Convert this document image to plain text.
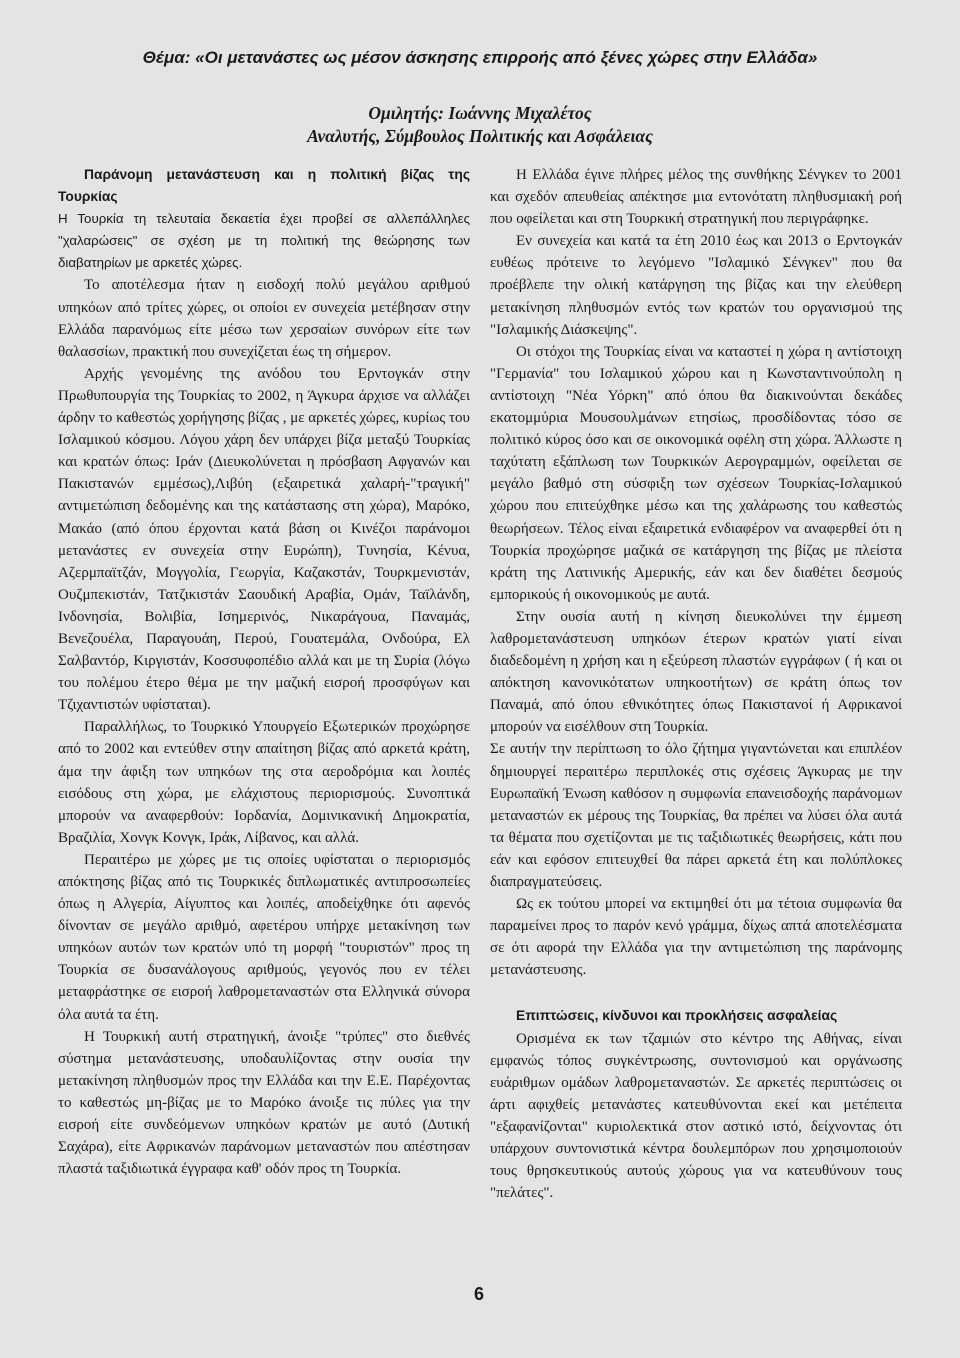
Θέμα: «Οι μετανάστες ως μέσον άσκησης επιρροής από ξένες χώρες στην Ελλάδα»
Ομιλητής: Ιωάννης Μιχαλέτος
Αναλυτής, Σύμβουλος Πολιτικής και Ασφάλειας

Παράνομη μετανάστευση και η πολιτική βίζας της Τουρκίας

Η Τουρκία τη τελευταία δεκαετία έχει προβεί σε αλλεπάλληλες "χαλαρώσεις" σε σχέση με τη πολιτική της θεώρησης των διαβατηρίων με αρκετές χώρες.

Το αποτέλεσμα ήταν η εισδοχή πολύ μεγάλου αριθμού υπηκόων από τρίτες χώρες, οι οποίοι εν συνεχεία μετέβησαν στην Ελλάδα παρανόμως είτε μέσω των χερσαίων συνόρων είτε των θαλασσίων, πρακτική που συνεχίζεται έως τη σήμερον.

Αρχής γενομένης της ανόδου του Ερντογκάν στην Πρωθυπουργία της Τουρκίας το 2002, η Άγκυρα άρχισε να αλλάζει άρδην το καθεστώς χορήγησης βίζας , με αρκετές χώρες, κυρίως του Ισλαμικού κόσμου. Λόγου χάρη δεν υπάρχει βίζα μεταξύ Τουρκίας και κρατών όπως: Ιράν (Διευκολύνεται η πρόσβαση Αφγανών και Πακιστανών εμμέσως),Λιβύη (εξαιρετικά χαλαρή-"τραγική" αντιμετώπιση δεδομένης και της κατάστασης στη χώρα), Μαρόκο, Μακάο (από όπου έρχονται κατά βάση οι Κινέζοι παράνομοι μετανάστες εν συνεχεία στην Ευρώπη), Τυνησία, Κένυα, Αζερμπαϊτζάν, Μογγολία, Γεωργία, Καζακστάν, Τουρκμενιστάν, Ουζμπεκιστάν, Τατζικιστάν Σαουδική Αραβία, Ομάν, Ταϊλάνδη, Ινδονησία, Βολιβία, Ισημερινός, Νικαράγουα, Παναμάς, Βενεζουέλα, Παραγουάη, Περού, Γουατεμάλα, Ονδούρα, Ελ Σαλβαντόρ, Κιργιστάν, Κοσσυφοπέδιο αλλά και με τη Συρία (λόγω του πολέμου έτερο θέμα με την μαζική εισροή προσφύγων και Τζιχαντιστών υφίσταται).

Παραλλήλως, το Τουρκικό Υπουργείο Εξωτερικών προχώρησε από το 2002 και εντεύθεν στην απαίτηση βίζας από αρκετά κράτη, άμα την άφιξη των υπηκόων της στα αεροδρόμια και λοιπές εισόδους στη χώρα, με ελάχιστους περιορισμούς. Συνοπτικά μπορούν να αναφερθούν: Ιορδανία, Δομινικανική Δημοκρατία, Βραζιλία, Χονγκ Κονγκ, Ιράκ, Λίβανος, και αλλά.

Περαιτέρω με χώρες με τις οποίες υφίσταται ο περιορισμός απόκτησης βίζας από τις Τουρκικές διπλωματικές αντιπροσωπείες όπως η Αλγερία, Αίγυπτος και λοιπές, αποδείχθηκε ότι αφενός δίνονταν σε μεγάλο αριθμό, αφετέρου υπήρχε μετακίνηση των υπηκόων αυτών των κρατών υπό τη μορφή "τουριστών" προς τη Τουρκία σε δυσανάλογους αριθμούς, γεγονός που εν τέλει μεταφράστηκε σε εισροή λαθρομεταναστών στα Ελληνικά σύνορα όλα αυτά τα έτη.

Η Τουρκική αυτή στρατηγική, άνοιξε "τρύπες" στο διεθνές σύστημα μετανάστευσης, υποδαυλίζοντας στην ουσία την μετακίνηση πληθυσμών προς την Ελλάδα και την Ε.Ε. Παρέχοντας το καθεστώς μη-βίζας με το Μαρόκο άνοιξε τις πύλες για την εισροή είτε συνδεόμενων υπηκόων κρατών με αυτό (Δυτική Σαχάρα), είτε Αφρικανών παράνομων μεταναστών που απέστησαν πλαστά ταξιδιωτικά έγγραφα καθ' οδόν προς τη Τουρκία.

Η Ελλάδα έγινε πλήρες μέλος της συνθήκης Σένγκεν το 2001 και σχεδόν απευθείας απέκτησε μια εντονότατη πληθυσμιακή ροή που οφείλεται και στη Τουρκική στρατηγική που περιγράφηκε.

Εν συνεχεία και κατά τα έτη 2010 έως και 2013 ο Ερντογκάν ευθέως πρότεινε το λεγόμενο "Ισλαμικό Σένγκεν" που θα προέβλεπε την ολική κατάργηση της βίζας και την ελεύθερη μετακίνηση πληθυσμών εντός των κρατών του οργανισμού της "Ισλαμικής Διάσκεψης".

Οι στόχοι της Τουρκίας είναι να καταστεί η χώρα η αντίστοιχη "Γερμανία" του Ισλαμικού χώρου και η Κωνσταντινούπολη η αντίστοιχη "Νέα Υόρκη" από όπου θα διακινούνται δεκάδες εκατομμύρια Μουσουλμάνων ετησίως, προσδίδοντας τόσο σε πολιτικό κύρος όσο και σε οικονομικά οφέλη στη χώρα. Άλλωστε η ταχύτατη εξάπλωση των Τουρκικών Αερογραμμών, οφείλεται σε μεγάλο βαθμό στη σύσφιξη των σχέσεων Τουρκίας-Ισλαμικού χώρου που επιτεύχθηκε μέσω και της χαλάρωσης του καθεστώς θεωρήσεων. Τέλος είναι εξαιρετικά ενδιαφέρον να αναφερθεί ότι η Τουρκία προχώρησε μαζικά σε κατάργηση της βίζας με πλείστα κράτη της Λατινικής Αμερικής, εάν και δεν διαθέτει δεσμούς εμπορικούς ή οικονομικούς με αυτά.

Στην ουσία αυτή η κίνηση διευκολύνει την έμμεση λαθρομετανάστευση υπηκόων έτερων κρατών γιατί είναι διαδεδομένη η χρήση και η εξεύρεση πλαστών εγγράφων ( ή και οι απόκτηση κανονικότατων υπηκοοτήτων) σε κράτη όπως τον Παναμά, από όπου εθνικότητες όπως Πακιστανοί ή Αφρικανοί μπορούν να εισέλθουν στη Τουρκία.

Σε αυτήν την περίπτωση το όλο ζήτημα γιγαντώνεται και επιπλέον δημιουργεί περαιτέρω περιπλοκές στις σχέσεις Άγκυρας με την Ευρωπαϊκή Ένωση καθόσον η συμφωνία επανεισδοχής παράνομων μεταναστών εκ μέρους της Τουρκίας, θα πρέπει να λύσει όλα αυτά τα θέματα που σχετίζονται με τις ταξιδιωτικές θεωρήσεις, κάτι που εάν και εφόσον επιτευχθεί θα πάρει αρκετά έτη και πολύπλοκες διαπραγματεύσεις.

Ως εκ τούτου μπορεί να εκτιμηθεί ότι μα τέτοια συμφωνία θα παραμείνει προς το παρόν κενό γράμμα, δίχως απτά αποτελέσματα σε ότι αφορά την Ελλάδα για την αντιμετώπιση της παράνομης μετανάστευσης.

Επιπτώσεις, κίνδυνοι και προκλήσεις ασφαλείας

Ορισμένα εκ των τζαμιών στο κέντρο της Αθήνας, είναι εμφανώς τόπος συγκέντρωσης, συντονισμού και οργάνωσης ευάριθμων ομάδων λαθρομεταναστών. Σε αρκετές περιπτώσεις οι άρτι αφιχθείς μετανάστες κατευθύνονται εκεί και μετέπειτα "εξαφανίζονται" κυριολεκτικά στον αστικό ιστό, δείχνοντας ότι υπάρχουν συντονιστικά κέντρα δουλεμπόρων που χρησιμοποιούν τους θρησκευτικούς αυτούς χώρους για να κατευθύνουν τους "πελάτες".

6
